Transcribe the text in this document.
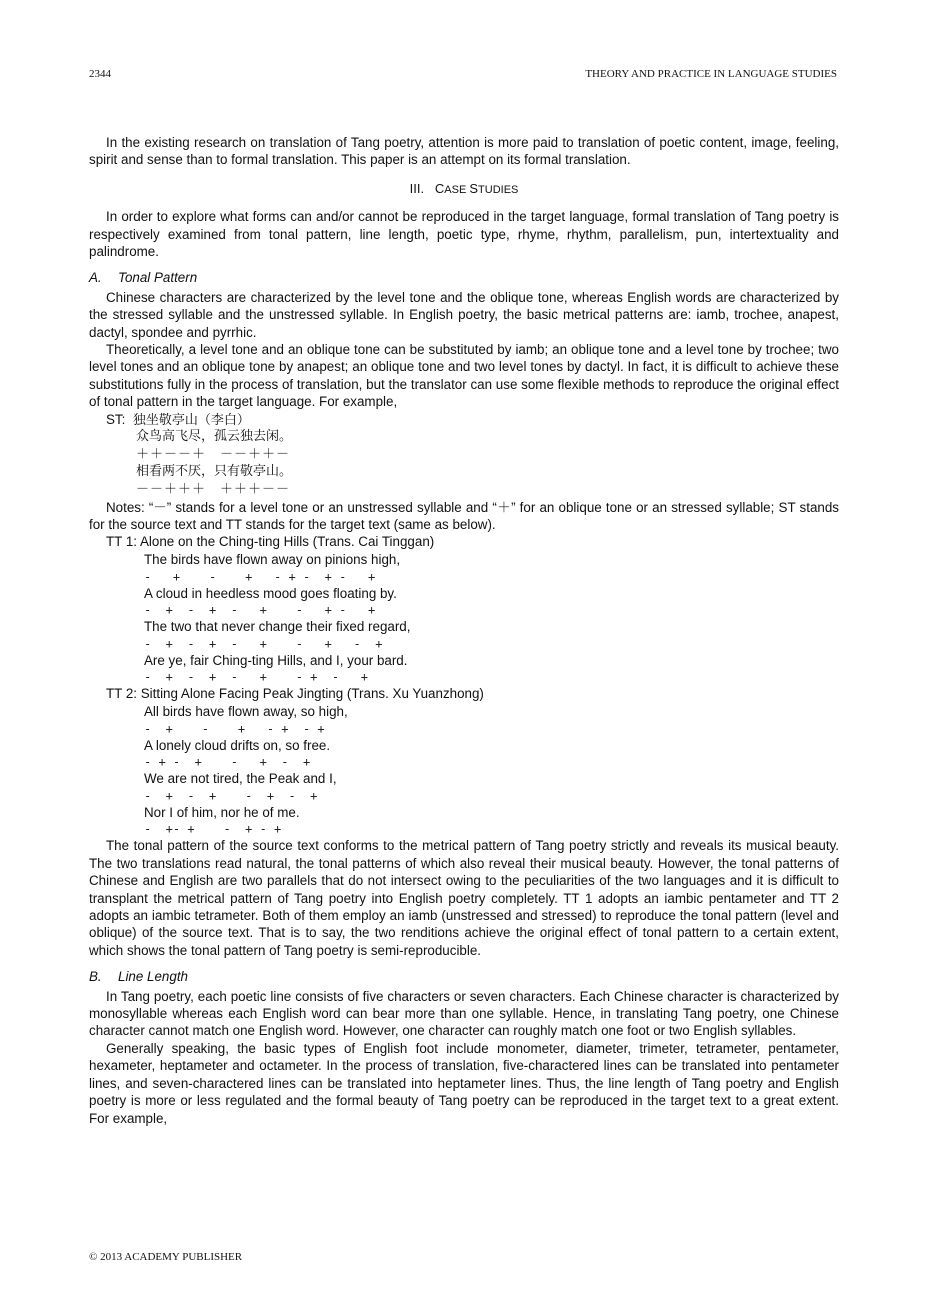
2344	THEORY AND PRACTICE IN LANGUAGE STUDIES

In the existing research on translation of Tang poetry, attention is more paid to translation of poetic content, image, feeling, spirit and sense than to formal translation. This paper is an attempt on its formal translation.

III. CASE STUDIES

In order to explore what forms can and/or cannot be reproduced in the target language, formal translation of Tang poetry is respectively examined from tonal pattern, line length, poetic type, rhyme, rhythm, parallelism, pun, intertextuality and palindrome.

A. Tonal Pattern

Chinese characters are characterized by the level tone and the oblique tone, whereas English words are characterized by the stressed syllable and the unstressed syllable. In English poetry, the basic metrical patterns are: iamb, trochee, anapest, dactyl, spondee and pyrrhic.

Theoretically, a level tone and an oblique tone can be substituted by iamb; an oblique tone and a level tone by trochee; two level tones and an oblique tone by anapest; an oblique tone and two level tones by dactyl. In fact, it is difficult to achieve these substitutions fully in the process of translation, but the translator can use some flexible methods to reproduce the original effect of tonal pattern in the target language. For example,

ST: 独坐敬亭山（李白）
众鸟高飞尽，孤云独去闲。
＋＋－－＋　－－＋＋－
相看两不厌，只有敬亭山。
－－＋＋＋　＋＋＋－－

Notes: “－” stands for a level tone or an unstressed syllable and “＋” for an oblique tone or an stressed syllable; ST stands for the source text and TT stands for the target text (same as below).

TT 1: Alone on the Ching-ting Hills (Trans. Cai Tinggan)
The birds have flown away on pinions high,
-   +    -    +   - + -  + -   +
A cloud in heedless mood goes floating by.
-  +  -  +  -   +    -   + -   +
The two that never change their fixed regard,
-  +  -  +  -   +    -   +   -  +
Are ye, fair Ching-ting Hills, and I, your bard.
-  +  -  +  -   +    - +  -   +
TT 2: Sitting Alone Facing Peak Jingting (Trans. Xu Yuanzhong)
All birds have flown away, so high,
-  +    -    +   - +  - +
A lonely cloud drifts on, so free.
- + -  +    -   +  -  +
We are not tired, the Peak and I,
-  +  -  +    -  +  -  +
Nor I of him, nor he of me.
-  +- +    -  + - +

The tonal pattern of the source text conforms to the metrical pattern of Tang poetry strictly and reveals its musical beauty. The two translations read natural, the tonal patterns of which also reveal their musical beauty. However, the tonal patterns of Chinese and English are two parallels that do not intersect owing to the peculiarities of the two languages and it is difficult to transplant the metrical pattern of Tang poetry into English poetry completely. TT 1 adopts an iambic pentameter and TT 2 adopts an iambic tetrameter. Both of them employ an iamb (unstressed and stressed) to reproduce the tonal pattern (level and oblique) of the source text. That is to say, the two renditions achieve the original effect of tonal pattern to a certain extent, which shows the tonal pattern of Tang poetry is semi-reproducible.

B. Line Length

In Tang poetry, each poetic line consists of five characters or seven characters. Each Chinese character is characterized by monosyllable whereas each English word can bear more than one syllable. Hence, in translating Tang poetry, one Chinese character cannot match one English word. However, one character can roughly match one foot or two English syllables.

Generally speaking, the basic types of English foot include monometer, diameter, trimeter, tetrameter, pentameter, hexameter, heptameter and octameter. In the process of translation, five-charactered lines can be translated into pentameter lines, and seven-charactered lines can be translated into heptameter lines. Thus, the line length of Tang poetry and English poetry is more or less regulated and the formal beauty of Tang poetry can be reproduced in the target text to a great extent. For example,

© 2013 ACADEMY PUBLISHER
